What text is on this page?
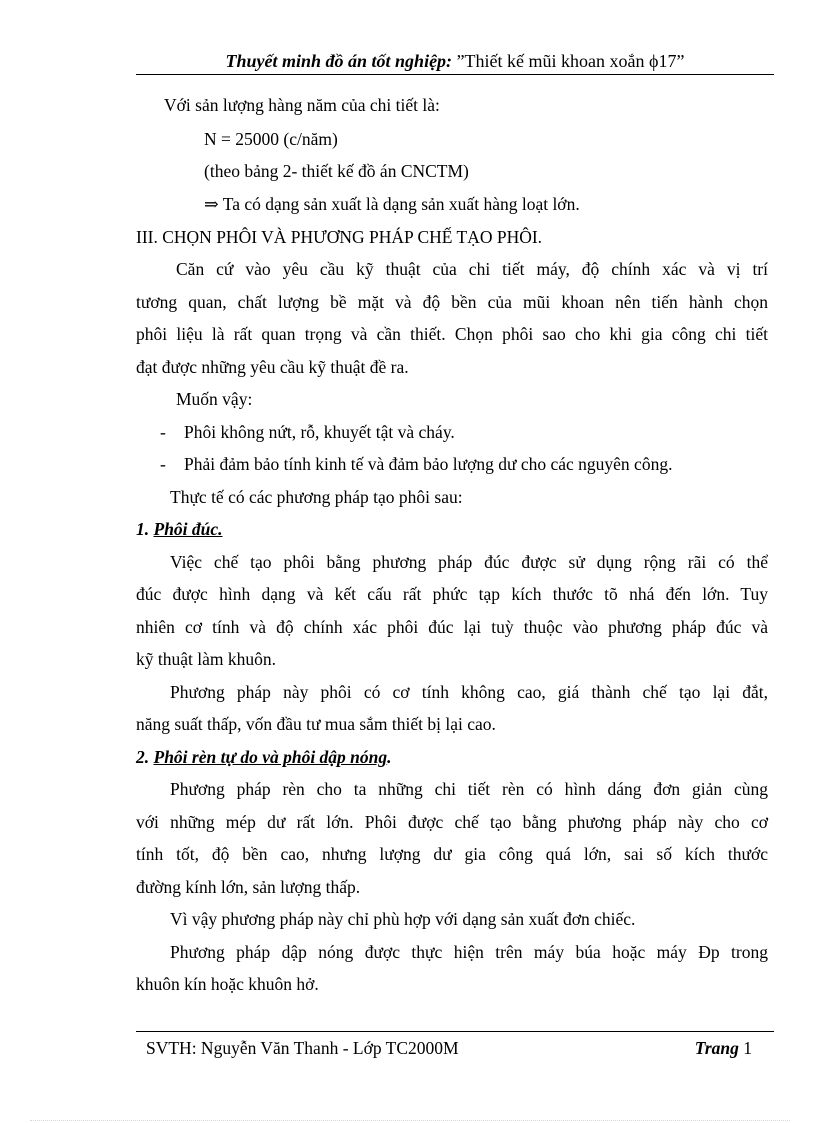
Thuyết minh đồ án tốt nghiệp: ”Thiết kế mũi khoan xoắn ϕ17”
Với sản lượng hàng năm của chi tiết là:
N = 25000 (c/năm)
(theo bảng 2- thiết kế đồ án CNCTM)
⇒ Ta có dạng sản xuất là dạng sản xuất hàng loạt lớn.
III. CHỌN PHÔI VÀ PHƯƠNG PHÁP CHẾ TẠO PHÔI.
Căn cứ vào yêu cầu kỹ thuật của chi tiết máy, độ chính xác và vị trí
tương quan, chất lượng bề mặt và độ bền của mũi khoan nên tiến hành chọn
phôi liệu là rất quan trọng và cần thiết. Chọn phôi sao cho khi gia công chi tiết
đạt được những yêu cầu kỹ thuật đề ra.
Muốn vậy:
- Phôi không nứt, rỗ, khuyết tật và cháy.
- Phải đảm bảo tính kinh tế và đảm bảo lượng dư cho các nguyên công.
Thực tế có các phương pháp tạo phôi sau:
1. Phôi đúc.
Việc chế tạo phôi bằng phương pháp đúc được sử dụng rộng rãi có thể
đúc được hình dạng và kết cấu rất phức tạp kích thước tõ nhá đến lớn. Tuy
nhiên cơ tính và độ chính xác phôi đúc lại tuỳ thuộc vào phương pháp đúc và
kỹ thuật làm khuôn.
Phương pháp này phôi có cơ tính không cao, giá thành chế tạo lại đắt,
năng suất thấp, vốn đầu tư mua sắm thiết bị lại cao.
2. Phôi rèn tự do và phôi dập nóng.
Phương pháp rèn cho ta những chi tiết rèn có hình dáng đơn giản cùng
với những mép dư rất lớn. Phôi được chế tạo bằng phương pháp này cho cơ
tính tốt, độ bền cao, nhưng lượng dư gia công quá lớn, sai số kích thước
đường kính lớn, sản lượng thấp.
Vì vậy phương pháp này chỉ phù hợp với dạng sản xuất đơn chiếc.
Phương pháp dập nóng được thực hiện trên máy búa hoặc máy Ðp trong
khuôn kín hoặc khuôn hở.
SVTH: Nguyễn Văn Thanh - Lớp TC2000M	Trang 1
